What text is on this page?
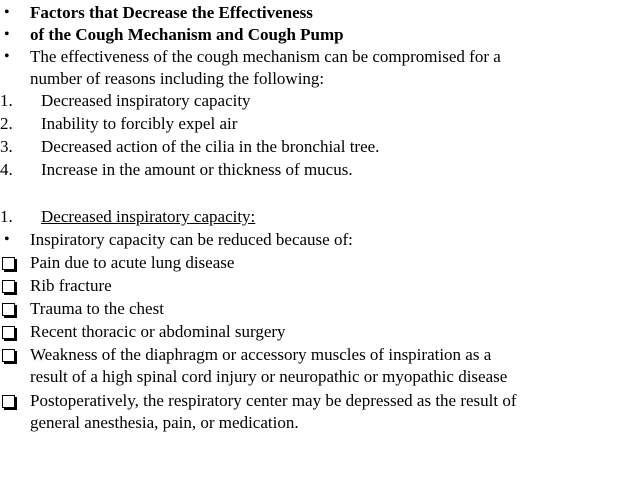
•	Factors that Decrease the Effectiveness
•	of the Cough Mechanism and Cough Pump
•	The effectiveness of the cough mechanism can be compromised for a
number of reasons including the following:
1.	Decreased inspiratory capacity
2.	Inability to forcibly expel air
3.	Decreased action of the cilia in the bronchial tree.
4.	Increase in the amount or thickness of mucus.
1.	Decreased inspiratory capacity:
•	Inspiratory capacity can be reduced because of:
Pain due to acute lung disease
Rib fracture
Trauma to the chest
Recent thoracic or abdominal surgery
Weakness of the diaphragm or accessory muscles of inspiration as a
result of a high spinal cord injury or neuropathic or myopathic disease
Postoperatively, the respiratory center may be depressed as the result of
general anesthesia, pain, or medication.
